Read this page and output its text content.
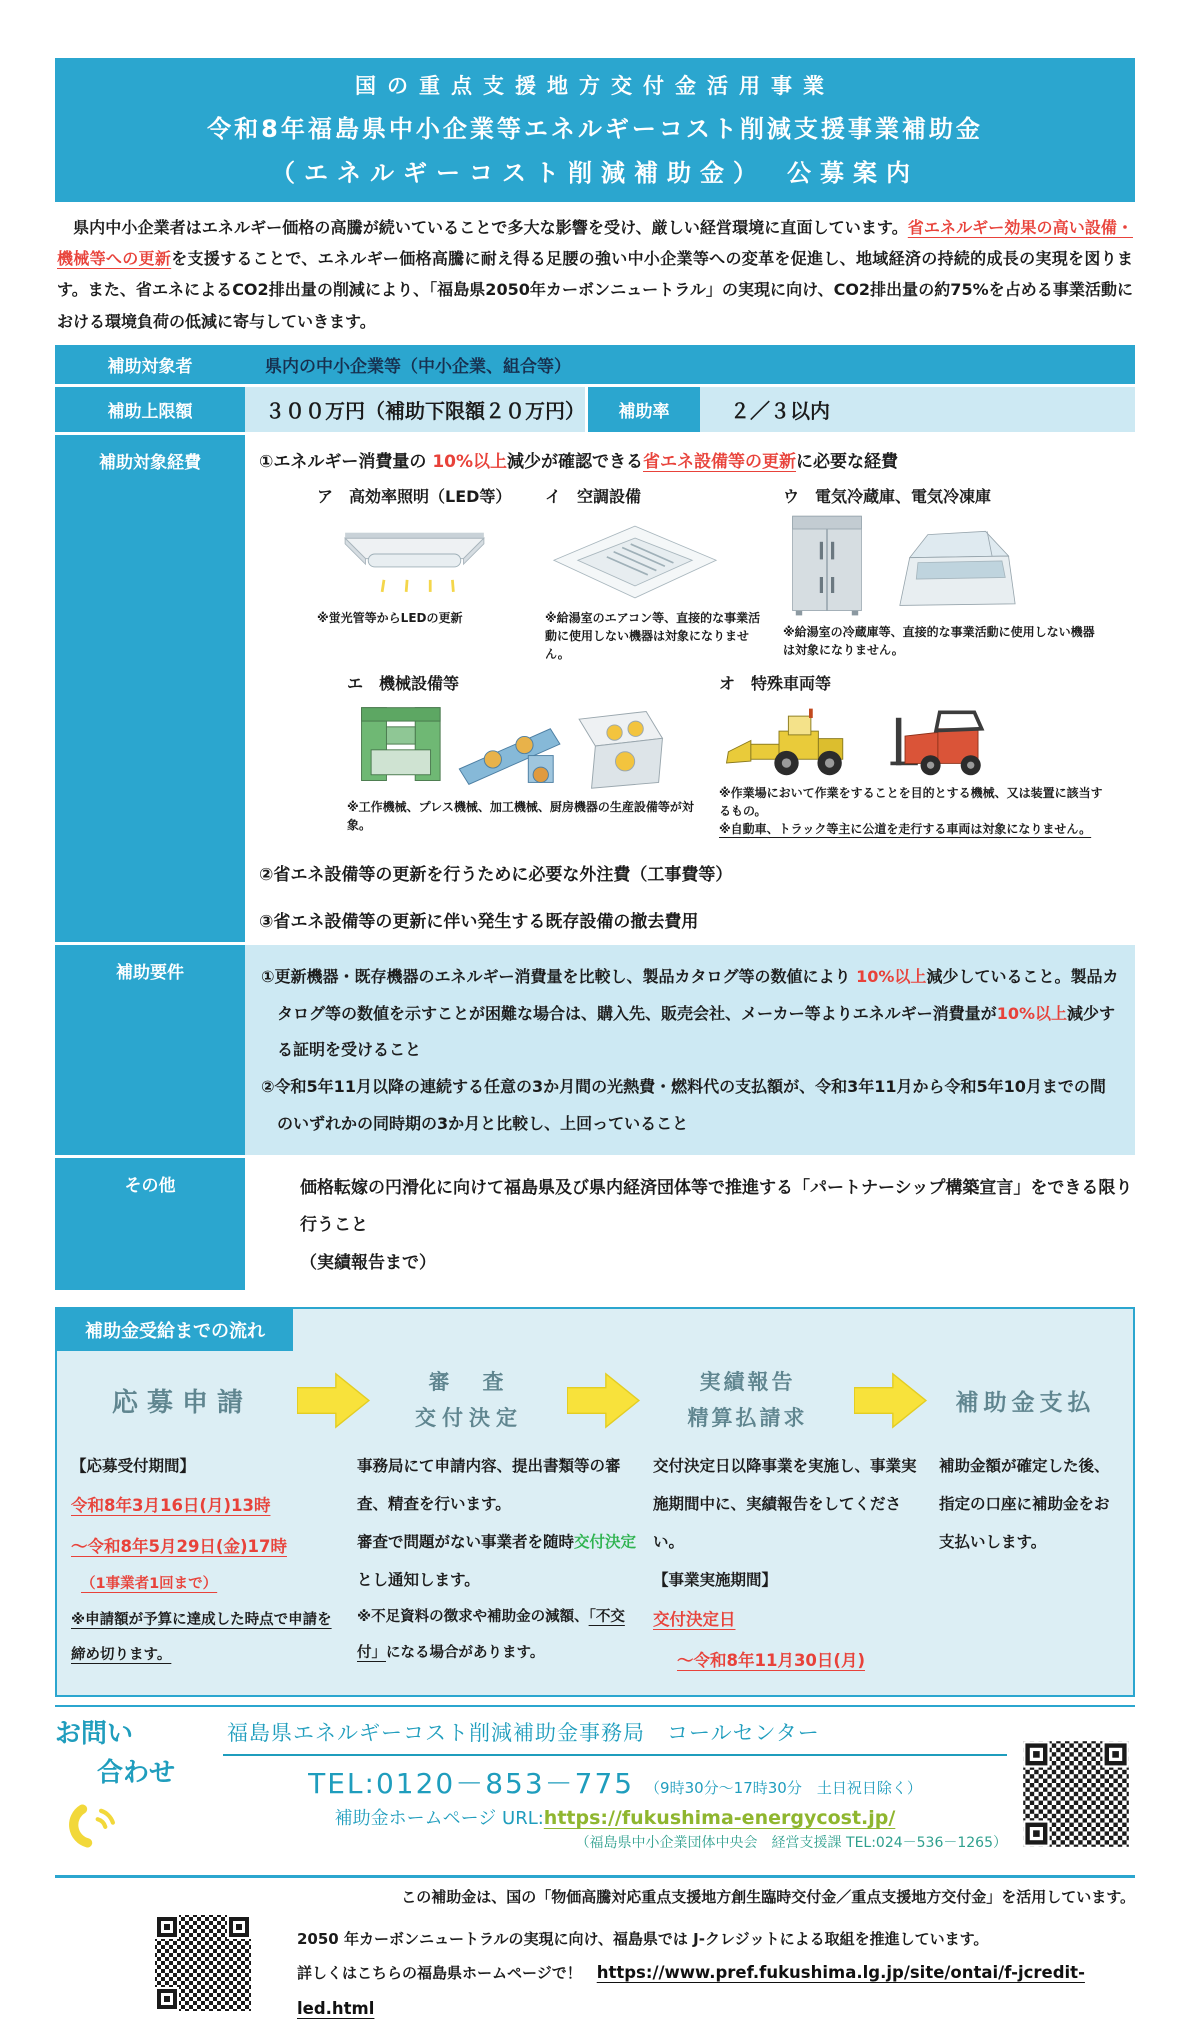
国の重点支援地方交付金活用事業
令和8年福島県中小企業等エネルギーコスト削減支援事業補助金
（エネルギーコスト削減補助金）　公募案内

　県内中小企業者はエネルギー価格の高騰が続いていることで多大な影響を受け、厳しい経営環境に直面しています。省エネルギー効果の高い設備・機械等への更新を支援することで、エネルギー価格高騰に耐え得る足腰の強い中小企業等への変革を促進し、地域経済の持続的成長の実現を図ります。また、省エネによるCO2排出量の削減により、「福島県2050年カーボンニュートラル」の実現に向け、CO2排出量の約75%を占める事業活動における環境負荷の低減に寄与していきます。

補助対象者	県内の中小企業等（中小企業、組合等）
補助上限額	３００万円（補助下限額２０万円）	補助率	２／３以内
補助対象経費	①エネルギー消費量の 10%以上減少が確認できる省エネ設備等の更新に必要な経費
ア　高効率照明（LED等）
※蛍光管等からLEDの更新
イ　空調設備
※給湯室のエアコン等、直接的な事業活動に使用しない機器は対象になりません。
ウ　電気冷蔵庫、電気冷凍庫
※給湯室の冷蔵庫等、直接的な事業活動に使用しない機器は対象になりません。
エ　機械設備等
※工作機械、プレス機械、加工機械、厨房機器の生産設備等が対象。
オ　特殊車両等
※作業場において作業をすることを目的とする機械、又は装置に該当するもの。
※自動車、トラック等主に公道を走行する車両は対象になりません。
②省エネ設備等の更新を行うために必要な外注費（工事費等）
③省エネ設備等の更新に伴い発生する既存設備の撤去費用
補助要件	①更新機器・既存機器のエネルギー消費量を比較し、製品カタログ等の数値により 10%以上減少していること。製品カタログ等の数値を示すことが困難な場合は、購入先、販売会社、メーカー等よりエネルギー消費量が10%以上減少する証明を受けること
②令和5年11月以降の連続する任意の3か月間の光熱費・燃料代の支払額が、令和3年11月から令和5年10月までの間のいずれかの同時期の3か月と比較し、上回っていること
その他	価格転嫁の円滑化に向けて福島県及び県内経済団体等で推進する「パートナーシップ構築宣言」をできる限り行うこと
（実績報告まで）
補助金受給までの流れ
応募申請
審　査
交付決定
実績報告
精算払請求
補助金支払
【応募受付期間】
令和8年3月16日(月)13時
～令和8年5月29日(金)17時
（1事業者1回まで）
※申請額が予算に達成した時点で申請を締め切ります。
事務局にて申請内容、提出書類等の審査、精査を行います。
審査で問題がない事業者を随時交付決定とし通知します。
※不足資料の徴求や補助金の減額、「不交付」になる場合があります。
交付決定日以降事業を実施し、事業実施期間中に、実績報告をしてください。
【事業実施期間】
交付決定日
～令和8年11月30日(月)
補助金額が確定した後、指定の口座に補助金をお支払いします。
お問い
合わせ
福島県エネルギーコスト削減補助金事務局　コールセンター
TEL:0120－853－775 （9時30分～17時30分　土日祝日除く）
補助金ホームページ URL:https://fukushima-energycost.jp/
（福島県中小企業団体中央会　経営支援課 TEL:024－536－1265）
この補助金は、国の「物価高騰対応重点支援地方創生臨時交付金／重点支援地方交付金」を活用しています。
2050 年カーボンニュートラルの実現に向け、福島県では J-クレジットによる取組を推進しています。
詳しくはこちらの福島県ホームページで！　 https://www.pref.fukushima.lg.jp/site/ontai/f-jcredit-led.html
